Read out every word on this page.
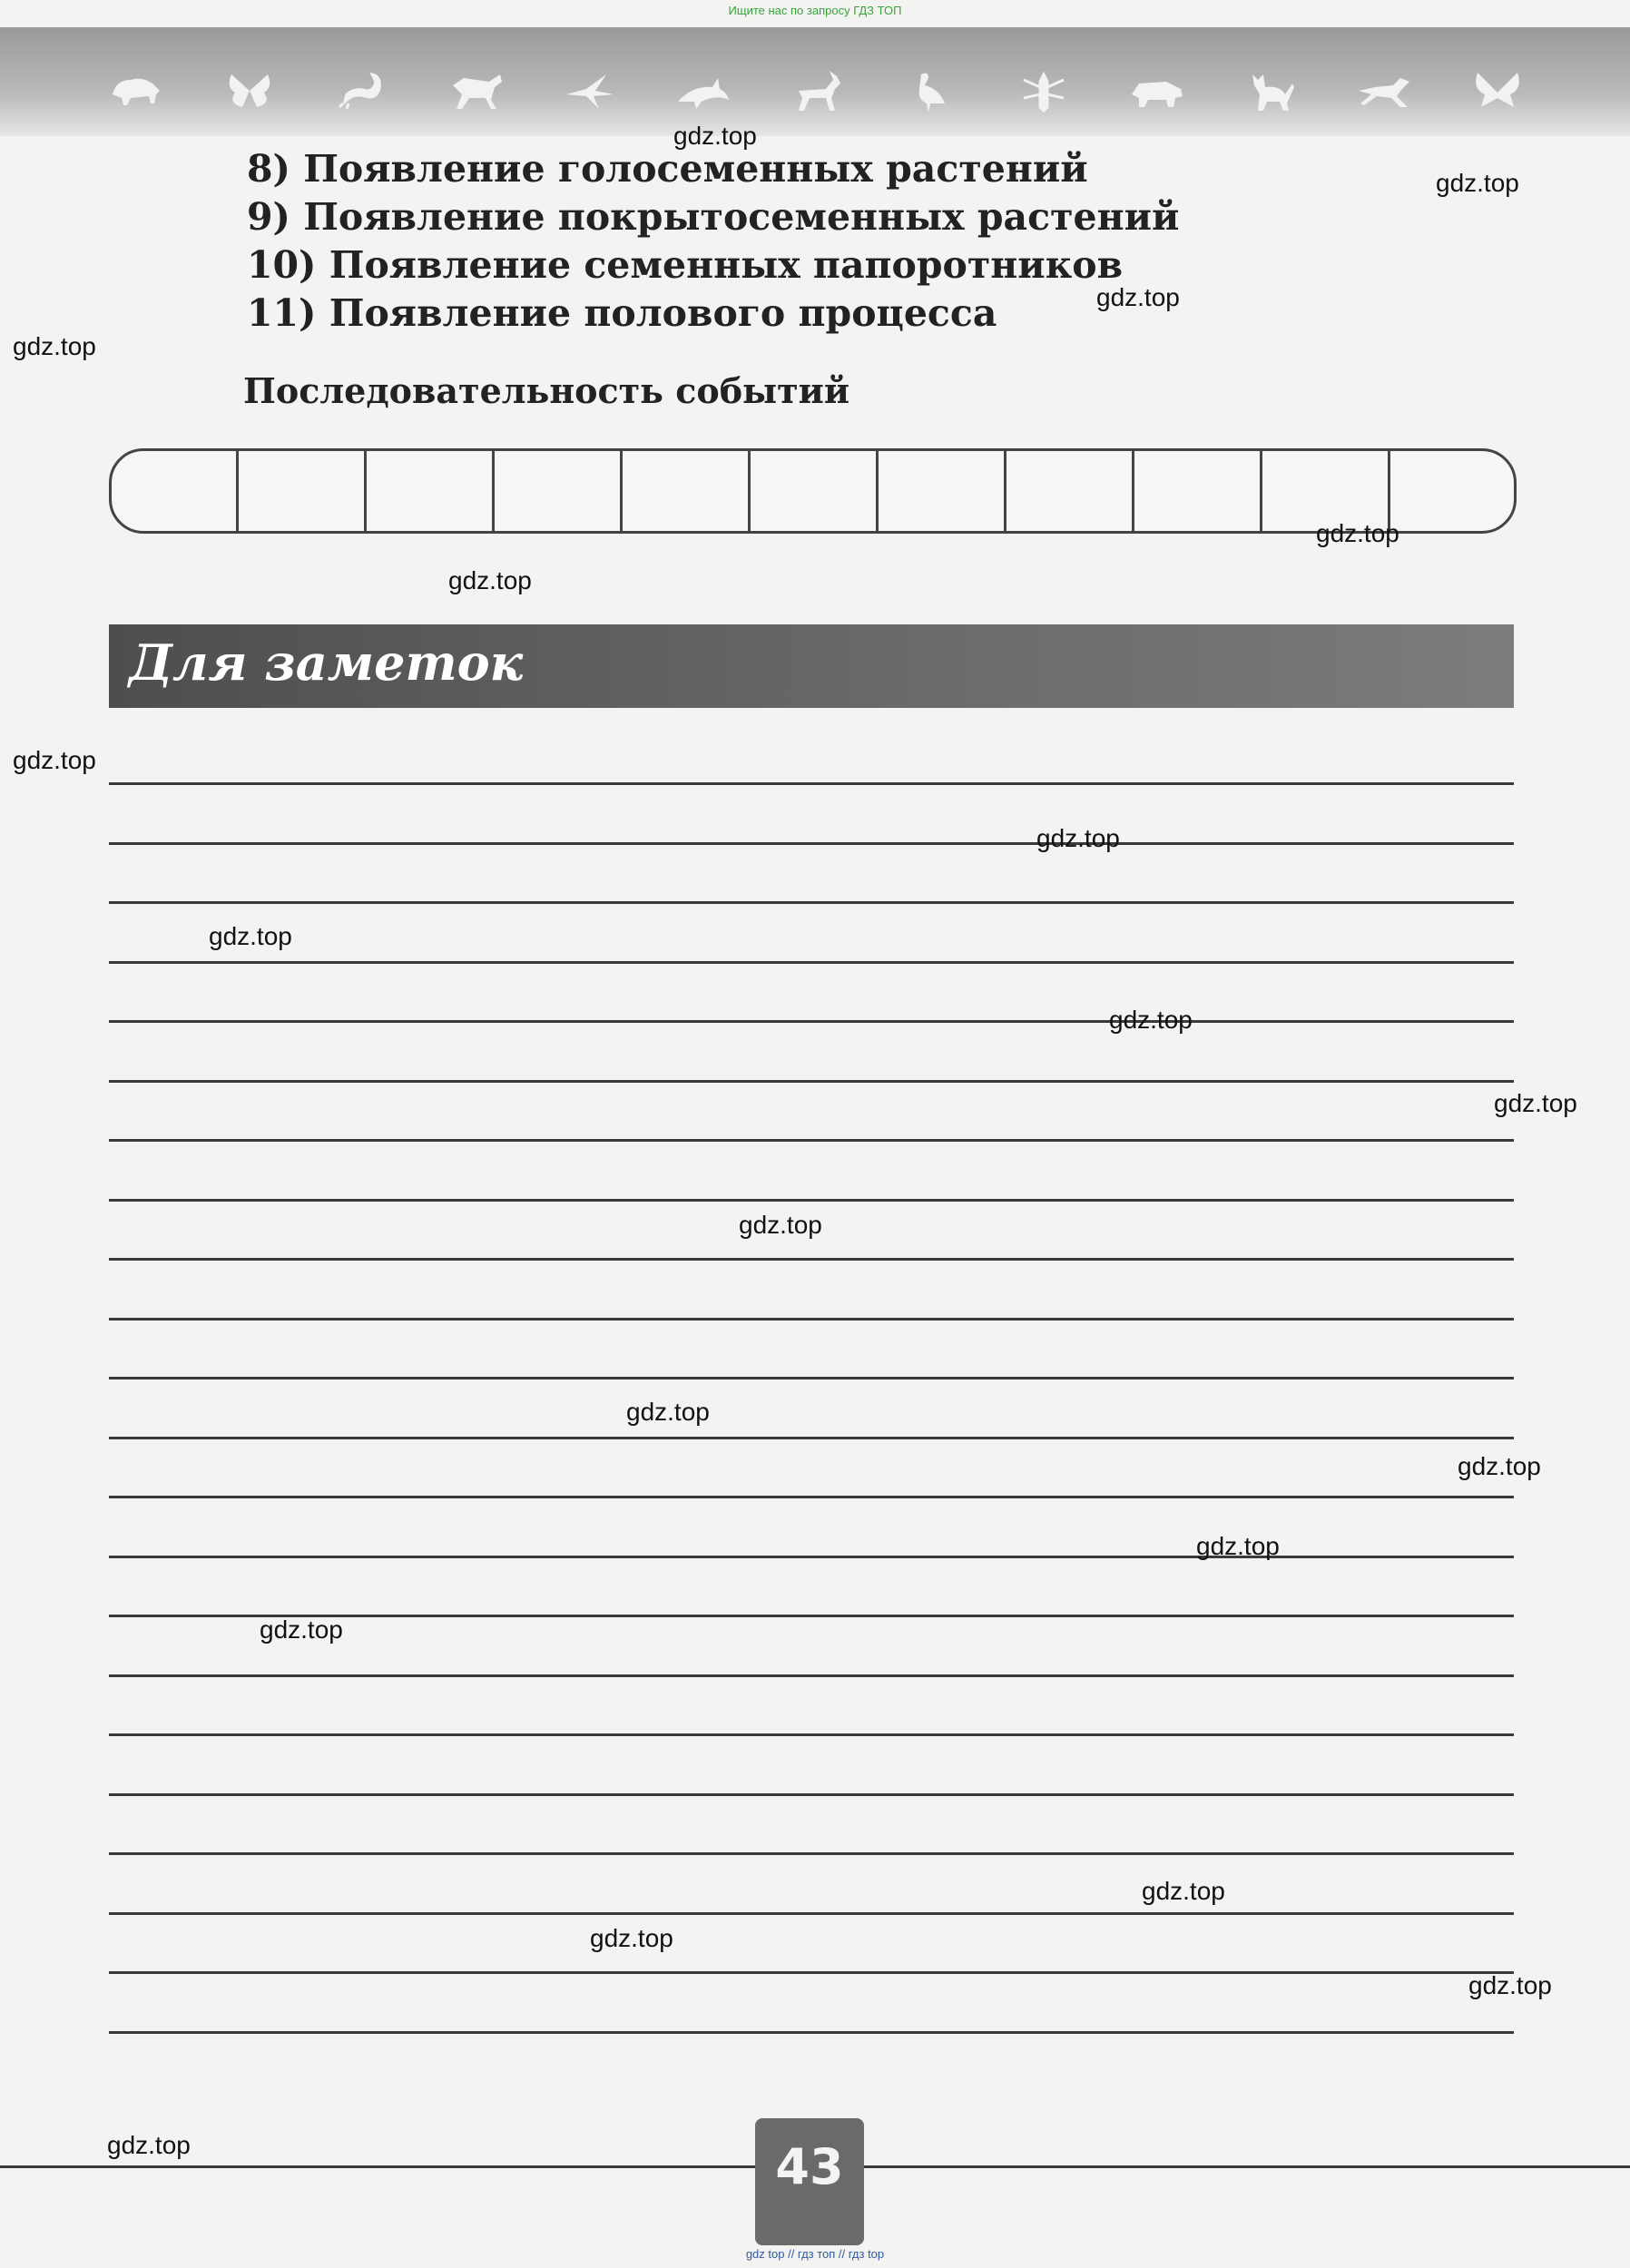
Ищите нас по запросу ГДЗ ТОП
8) Появление голосеменных растений
9) Появление покрытосеменных растений
10) Появление семенных папоротников
11) Появление полового процесса
Последовательность событий
Для заметок
43
gdz top // гдз топ // гдз top
gdz.top
gdz.top
gdz.top
gdz.top
gdz.top
gdz.top
gdz.top
gdz.top
gdz.top
gdz.top
gdz.top
gdz.top
gdz.top
gdz.top
gdz.top
gdz.top
gdz.top
gdz.top
gdz.top
gdz.top
